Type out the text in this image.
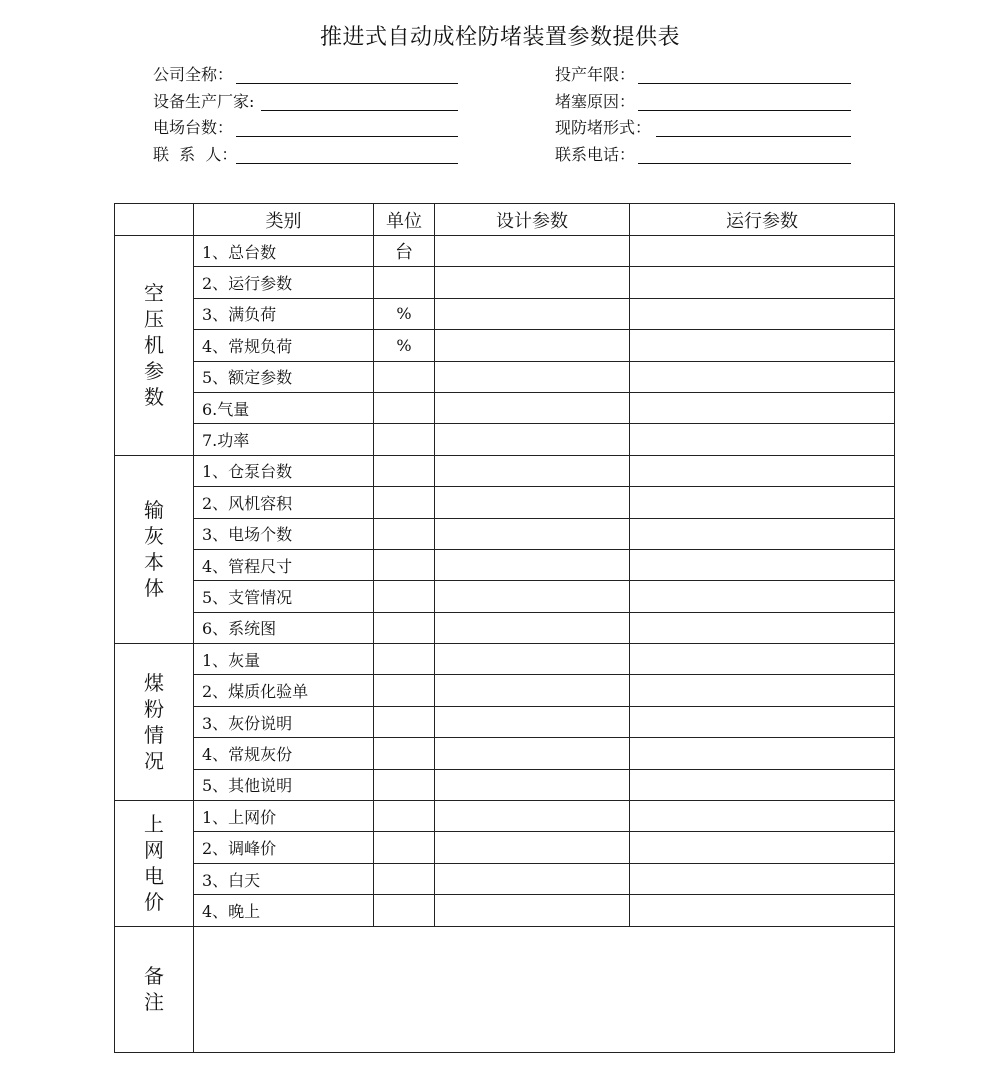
推进式自动成栓防堵装置参数提供表
公司全称：
设备生产厂家:
电场台数：
联  系  人：
投产年限：
堵塞原因：
现防堵形式：
联系电话：
	类别	单位	设计参数	运行参数

空压机参数	1、总台数	台		
	2、运行参数			
	3、满负荷	%		
	4、常规负荷	%		
	5、额定参数			
	6.气量			
	7.功率			

输灰本体	1、仓泵台数			
	2、风机容积			
	3、电场个数			
	4、管程尺寸			
	5、支管情况			
	6、系统图			

煤粉情况	1、灰量			
	2、煤质化验单			
	3、灰份说明			
	4、常规灰份			
	5、其他说明			

上网电价	1、上网价			
	2、调峰价			
	3、白天			
	4、晚上			

备注				
